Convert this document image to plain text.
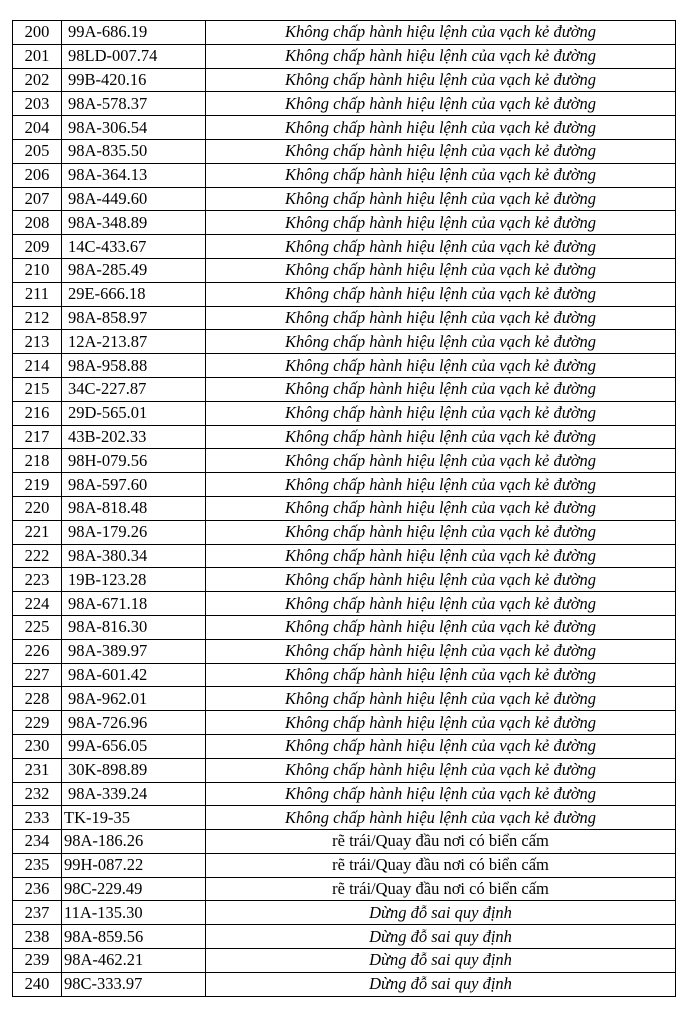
200	99A-686.19	Không chấp hành hiệu lệnh của vạch kẻ đường
201	98LD-007.74	Không chấp hành hiệu lệnh của vạch kẻ đường
202	99B-420.16	Không chấp hành hiệu lệnh của vạch kẻ đường
203	98A-578.37	Không chấp hành hiệu lệnh của vạch kẻ đường
204	98A-306.54	Không chấp hành hiệu lệnh của vạch kẻ đường
205	98A-835.50	Không chấp hành hiệu lệnh của vạch kẻ đường
206	98A-364.13	Không chấp hành hiệu lệnh của vạch kẻ đường
207	98A-449.60	Không chấp hành hiệu lệnh của vạch kẻ đường
208	98A-348.89	Không chấp hành hiệu lệnh của vạch kẻ đường
209	14C-433.67	Không chấp hành hiệu lệnh của vạch kẻ đường
210	98A-285.49	Không chấp hành hiệu lệnh của vạch kẻ đường
211	29E-666.18	Không chấp hành hiệu lệnh của vạch kẻ đường
212	98A-858.97	Không chấp hành hiệu lệnh của vạch kẻ đường
213	12A-213.87	Không chấp hành hiệu lệnh của vạch kẻ đường
214	98A-958.88	Không chấp hành hiệu lệnh của vạch kẻ đường
215	34C-227.87	Không chấp hành hiệu lệnh của vạch kẻ đường
216	29D-565.01	Không chấp hành hiệu lệnh của vạch kẻ đường
217	43B-202.33	Không chấp hành hiệu lệnh của vạch kẻ đường
218	98H-079.56	Không chấp hành hiệu lệnh của vạch kẻ đường
219	98A-597.60	Không chấp hành hiệu lệnh của vạch kẻ đường
220	98A-818.48	Không chấp hành hiệu lệnh của vạch kẻ đường
221	98A-179.26	Không chấp hành hiệu lệnh của vạch kẻ đường
222	98A-380.34	Không chấp hành hiệu lệnh của vạch kẻ đường
223	19B-123.28	Không chấp hành hiệu lệnh của vạch kẻ đường
224	98A-671.18	Không chấp hành hiệu lệnh của vạch kẻ đường
225	98A-816.30	Không chấp hành hiệu lệnh của vạch kẻ đường
226	98A-389.97	Không chấp hành hiệu lệnh của vạch kẻ đường
227	98A-601.42	Không chấp hành hiệu lệnh của vạch kẻ đường
228	98A-962.01	Không chấp hành hiệu lệnh của vạch kẻ đường
229	98A-726.96	Không chấp hành hiệu lệnh của vạch kẻ đường
230	99A-656.05	Không chấp hành hiệu lệnh của vạch kẻ đường
231	30K-898.89	Không chấp hành hiệu lệnh của vạch kẻ đường
232	98A-339.24	Không chấp hành hiệu lệnh của vạch kẻ đường
233	TK-19-35	Không chấp hành hiệu lệnh của vạch kẻ đường
234	98A-186.26	rẽ trái/Quay đầu nơi có biển cấm
235	99H-087.22	rẽ trái/Quay đầu nơi có biển cấm
236	98C-229.49	rẽ trái/Quay đầu nơi có biển cấm
237	11A-135.30	Dừng đỗ sai quy định
238	98A-859.56	Dừng đỗ sai quy định
239	98A-462.21	Dừng đỗ sai quy định
240	98C-333.97	Dừng đỗ sai quy định
